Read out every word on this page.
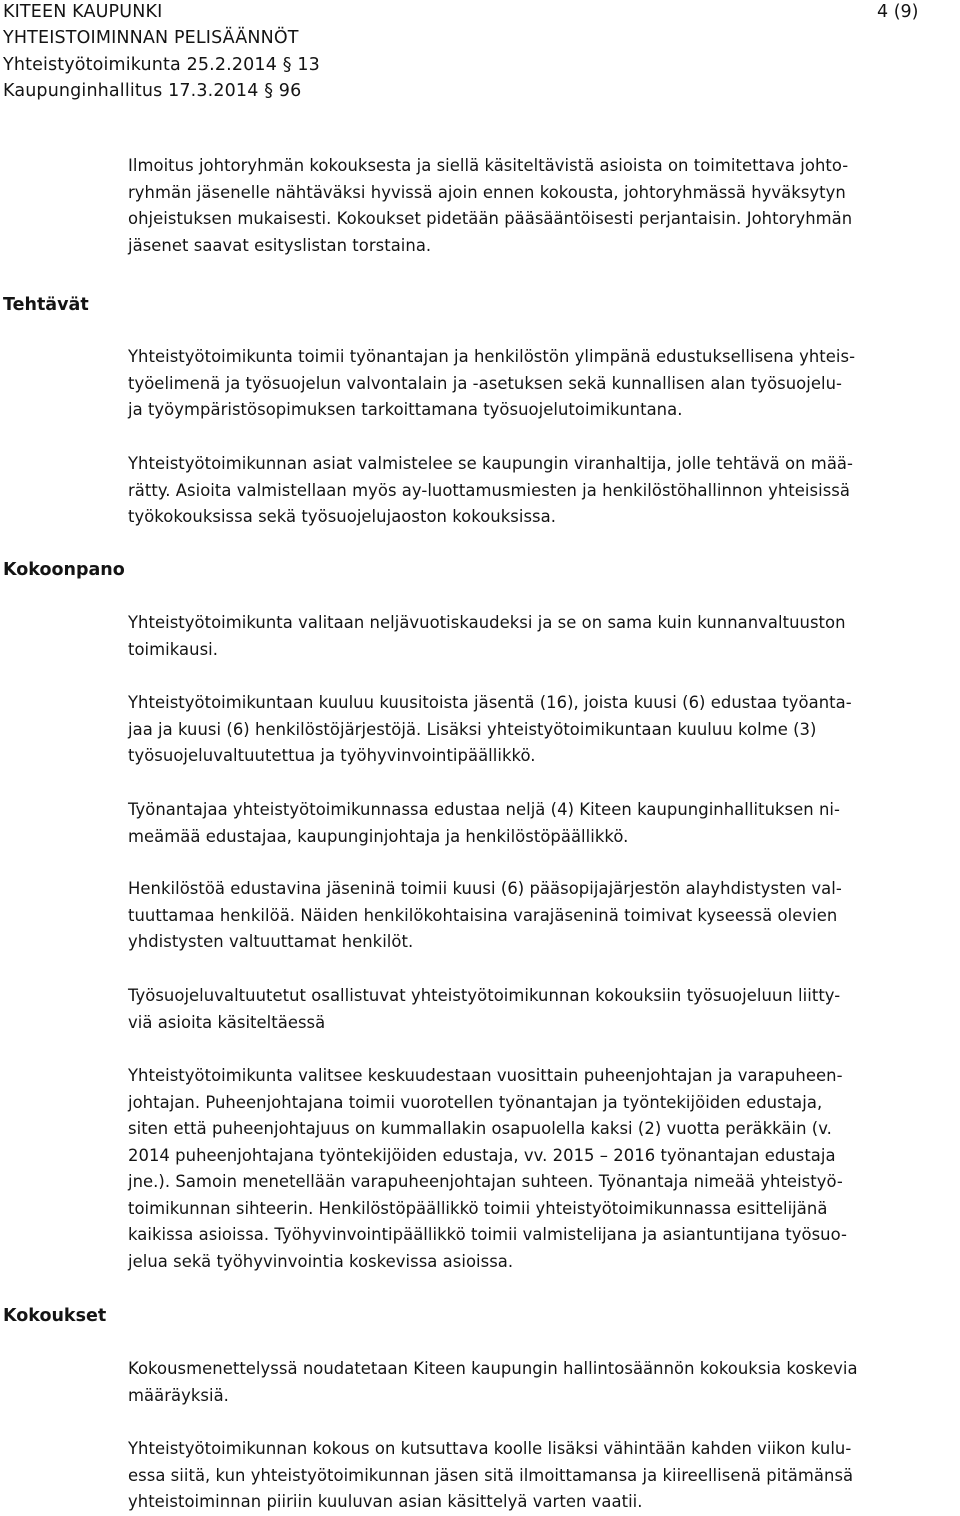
KITEEN KAUPUNKI
YHTEISTOIMINNAN PELISÄÄNNÖT
Yhteistyötoimikunta 25.2.2014 § 13
Kaupunginhallitus 17.3.2014 § 96
4 (9)
Tehtävät
Kokoonpano
Kokoukset
Ilmoitus johtoryhmän kokouksesta ja siellä käsiteltävistä asioista on toimitettava johto-
ryhmän jäsenelle nähtäväksi hyvissä ajoin ennen kokousta, johtoryhmässä hyväksytyn
ohjeistuksen mukaisesti. Kokoukset pidetään pääsääntöisesti perjantaisin. Johtoryhmän
jäsenet saavat esityslistan torstaina.
Yhteistyötoimikunta toimii työnantajan ja henkilöstön ylimpänä edustuksellisena yhteis-
työelimenä ja työsuojelun valvontalain ja -asetuksen sekä kunnallisen alan työsuojelu-
ja työympäristösopimuksen tarkoittamana työsuojelutoimikuntana.
Yhteistyötoimikunnan asiat valmistelee se kaupungin viranhaltija, jolle tehtävä on mää-
rätty. Asioita valmistellaan myös ay-luottamusmiesten ja henkilöstöhallinnon yhteisissä
työkokouksissa sekä työsuojelujaoston kokouksissa.
Yhteistyötoimikunta valitaan neljävuotiskaudeksi ja se on sama kuin kunnanvaltuuston
toimikausi.
Yhteistyötoimikuntaan kuuluu kuusitoista jäsentä (16), joista kuusi (6) edustaa työanta-
jaa ja kuusi (6) henkilöstöjärjestöjä. Lisäksi yhteistyötoimikuntaan kuuluu kolme (3)
työsuojeluvaltuutettua ja työhyvinvointipäällikkö.
Työnantajaa yhteistyötoimikunnassa edustaa neljä (4) Kiteen kaupunginhallituksen ni-
meämää edustajaa, kaupunginjohtaja ja henkilöstöpäällikkö.
Henkilöstöä edustavina jäseninä toimii kuusi (6) pääsopijajärjestön alayhdistysten val-
tuuttamaa henkilöä. Näiden henkilökohtaisina varajäseninä toimivat kyseessä olevien
yhdistysten valtuuttamat henkilöt.
Työsuojeluvaltuutetut osallistuvat yhteistyötoimikunnan kokouksiin työsuojeluun liitty-
viä asioita käsiteltäessä
Yhteistyötoimikunta valitsee keskuudestaan vuosittain puheenjohtajan ja varapuheen-
johtajan. Puheenjohtajana toimii vuorotellen työnantajan ja työntekijöiden edustaja,
siten että puheenjohtajuus on kummallakin osapuolella kaksi (2) vuotta peräkkäin (v.
2014 puheenjohtajana työntekijöiden edustaja, vv. 2015 – 2016 työnantajan edustaja
jne.). Samoin menetellään varapuheenjohtajan suhteen. Työnantaja nimeää yhteistyö-
toimikunnan sihteerin. Henkilöstöpäällikkö toimii yhteistyötoimikunnassa esittelijänä
kaikissa asioissa. Työhyvinvointipäällikkö toimii valmistelijana ja asiantuntijana työsuo-
jelua sekä työhyvinvointia koskevissa asioissa.
Kokousmenettelyssä noudatetaan Kiteen kaupungin hallintosäännön kokouksia koskevia
määräyksiä.
Yhteistyötoimikunnan kokous on kutsuttava koolle lisäksi vähintään kahden viikon kulu-
essa siitä, kun yhteistyötoimikunnan jäsen sitä ilmoittamansa ja kiireellisenä pitämänsä
yhteistoiminnan piiriin kuuluvan asian käsittelyä varten vaatii.
